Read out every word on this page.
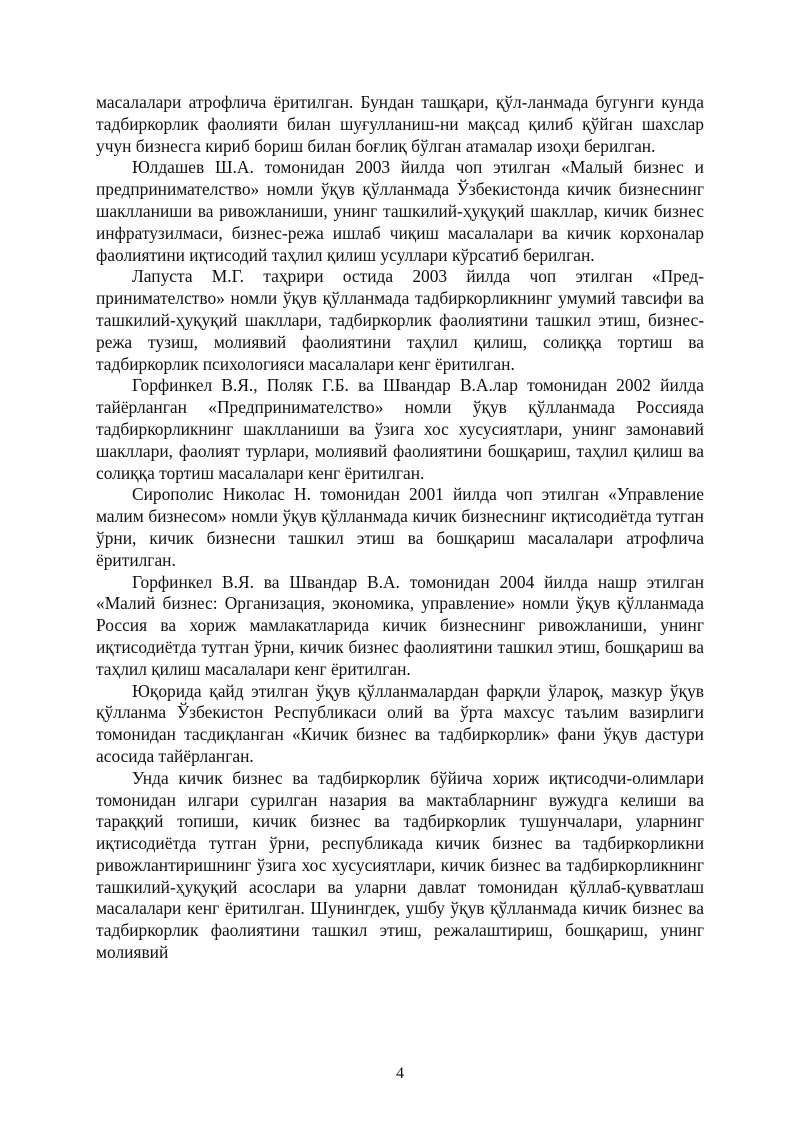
масалалари атрофлича ёритилган. Бундан ташқари, қўл-ланмада бугунги кунда тадбиркорлик фаолияти билан шуғулланиш-ни мақсад қилиб қўйган шахслар учун бизнесга кириб бориш билан боғлиқ бўлган атамалар изоҳи берилган.

Юлдашев Ш.А. томонидан 2003 йилда чоп этилган «Малый бизнес и предпринимателство» номли ўқув қўлланмада Ўзбекистонда кичик бизнеснинг шаклланиши ва ривожланиши, унинг ташкилий-ҳуқуқий шакллар, кичик бизнес инфратузилмаси, бизнес-режа ишлаб чиқиш масалалари ва кичик корхоналар фаолиятини иқтисодий таҳлил қилиш усуллари кўрсатиб берилган.

Лапуста М.Г. таҳрири остида 2003 йилда чоп этилган «Пред-принимателство» номли ўқув қўлланмада тадбиркорликнинг умумий тавсифи ва ташкилий-ҳуқуқий шакллари, тадбиркорлик фаолиятини ташкил этиш, бизнес-режа тузиш, молиявий фаолиятини таҳлил қилиш, солиққа тортиш ва тадбиркорлик психологияси масалалари кенг ёритилган.

Горфинкел В.Я., Поляк Г.Б. ва Швандар В.А.лар томонидан 2002 йилда тайёрланган «Предпринимателство» номли ўқув қўлланмада Россияда тадбиркорликнинг шаклланиши ва ўзига хос хусусиятлари, унинг замонавий шакллари, фаолият турлари, молиявий фаолиятини бошқариш, таҳлил қилиш ва солиққа тортиш масалалари кенг ёритилган.

Сирополис Николас Н. томонидан 2001 йилда чоп этилган «Управление малим бизнесом» номли ўқув қўлланмада кичик бизнеснинг иқтисодиётда тутган ўрни, кичик бизнесни ташкил этиш ва бошқариш масалалари атрофлича ёритилган.

Горфинкел В.Я. ва Швандар В.А. томонидан 2004 йилда нашр этилган «Малий бизнес: Организация, экономика, управление» номли ўқув қўлланмада Россия ва хориж мамлакатларида кичик бизнеснинг ривожланиши, унинг иқтисодиётда тутган ўрни, кичик бизнес фаолиятини ташкил этиш, бошқариш ва таҳлил қилиш масалалари кенг ёритилган.

Юқорида қайд этилган ўқув қўлланмалардан фарқли ўлароқ, мазкур ўқув қўлланма Ўзбекистон Республикаси олий ва ўрта махсус таълим вазирлиги томонидан тасдиқланган «Кичик бизнес ва тадбиркорлик» фани ўқув дастури асосида тайёрланган.

Унда кичик бизнес ва тадбиркорлик бўйича хориж иқтисодчи-олимлари томонидан илгари сурилган назария ва мактабларнинг вужудга келиши ва тараққий топиши, кичик бизнес ва тадбиркорлик тушунчалари, уларнинг иқтисодиётда тутган ўрни, республикада кичик бизнес ва тадбиркорликни ривожлантиришнинг ўзига хос хусусиятлари, кичик бизнес ва тадбиркорликнинг ташкилий-ҳуқуқий асослари ва уларни давлат томонидан қўллаб-қувватлаш масалалари кенг ёритилган. Шунингдек, ушбу ўқув қўлланмада кичик бизнес ва тадбиркорлик фаолиятини ташкил этиш, режалаштириш, бошқариш, унинг молиявий

4
